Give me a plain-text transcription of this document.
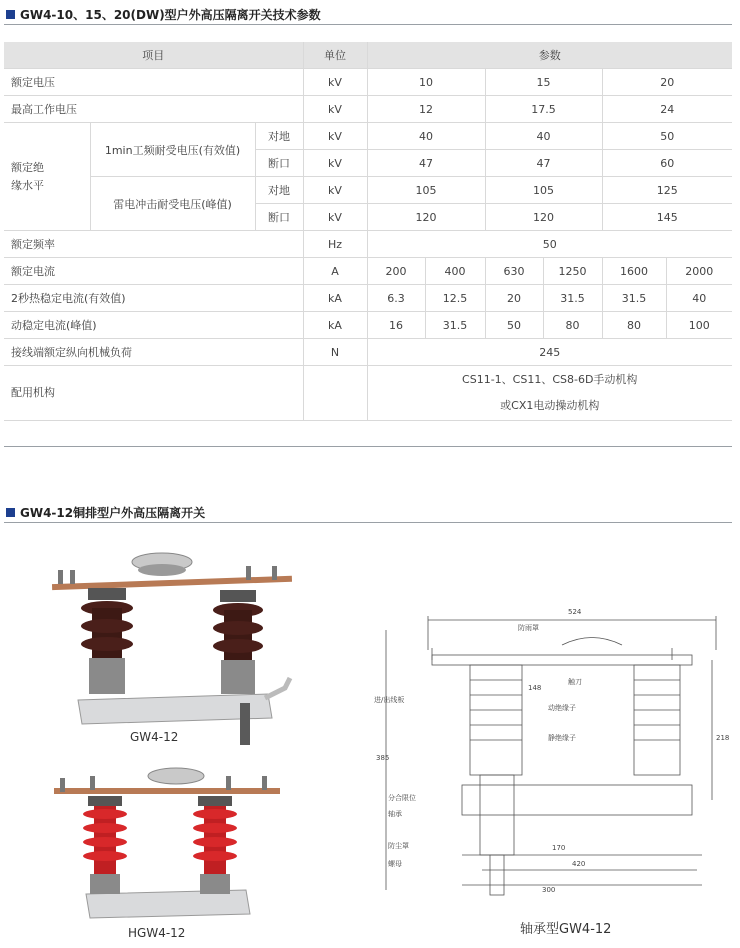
GW4-10、15、20(DW)型户外高压隔离开关技术参数
项目			单位	参数					
额定电压			kV	10		15		20	
最高工作电压			kV	12		17.5		24	
额定绝
缘水平	1min工频耐受电压(有效值)	对地	kV	40		40		50	
		断口	kV	47		47		60	
	雷电冲击耐受电压(峰值)	对地	kV	105		105		125	
		断口	kV	120		120		145	
额定频率			Hz	50					
额定电流			A	200	400	630	1250	1600	2000
2秒热稳定电流(有效值)			kA	6.3	12.5	20	31.5	31.5	40
动稳定电流(峰值)			kA	16	31.5	50	80	80	100
接线端额定纵向机械负荷			N	245					
配用机构				CS11-1、CS11、CS8-6D手动机构
或CX1电动操动机构					
GW4-12铜排型户外高压隔离开关
GW4-12
HGW4-12
524
385
218
170
420
300
148
防雨罩
触刀
进/出线板
动绝缘子
静绝缘子
分合限位
轴承
防尘罩
螺母
轴承型GW4-12
